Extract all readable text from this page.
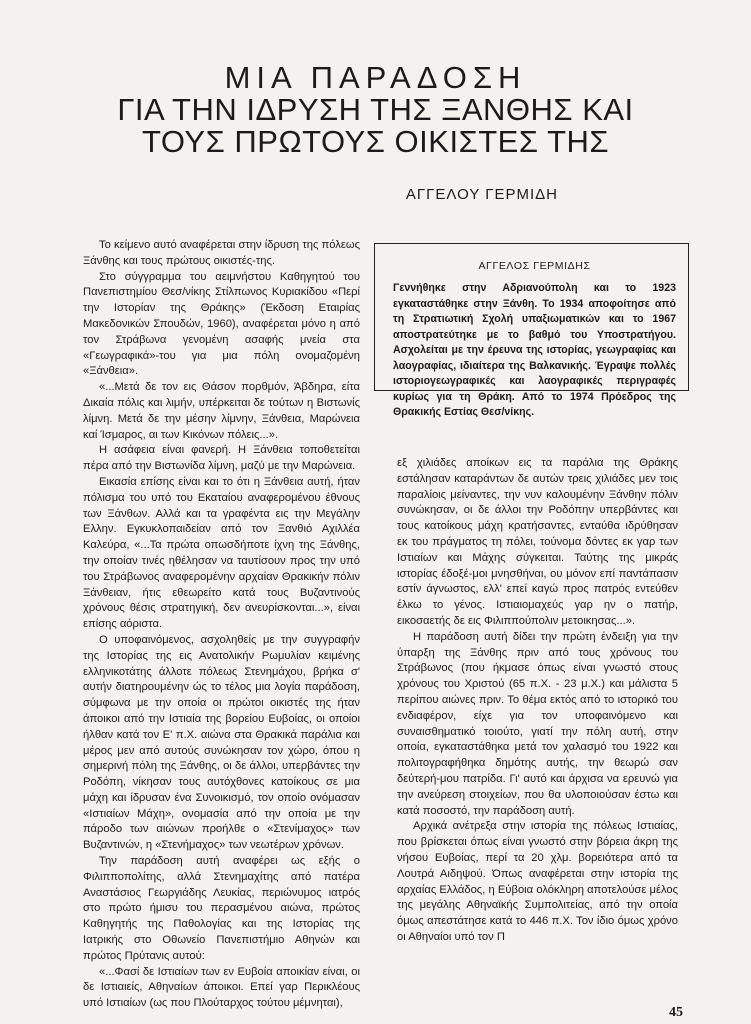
ΜΙΑ ΠΑΡΑΔΟΣΗ
ΓΙΑ ΤΗΝ ΙΔΡΥΣΗ ΤΗΣ ΞΑΝΘΗΣ ΚΑΙ
ΤΟΥΣ ΠΡΩΤΟΥΣ ΟΙΚΙΣΤΕΣ ΤΗΣ
ΑΓΓΕΛΟΥ ΓΕΡΜΙΔΗ

Το κείμενο αυτό αναφέρεται στην ίδρυση της πόλεως Ξάνθης και τους πρώτους οικιστές-της.

Στο σύγγραμμα του αειμνήστου Καθηγητού του Πανεπιστημίου Θεσ/νίκης Στίλπωνος Κυριακίδου «Περί την Ιστορίαν της Θράκης» (Έκδοση Εταιρίας Μακεδονικών Σπουδών, 1960), αναφέρεται μόνο η από τον Στράβωνα γενομένη ασαφής μνεία στα «Γεωγραφικά»-του για μια πόλη ονομαζομένη «Ξάνθεια».

«...Μετά δε τον εις Θάσον πορθμόν, Άβδηρα, είτα Δικαία πόλις και λιμήν, υπέρκειται δε τούτων η Βιστωνίς λίμνη. Μετά δε την μέσην λίμνην, Ξάνθεια, Μαρώνεια καί Ίσμαρος, αι των Κικόνων πόλεις...».

Η ασάφεια είναι φανερή. Η Ξάνθεια τοποθετείται πέρα από την Βιστωνίδα λίμνη, μαζύ με την Μαρώνεια.

Εικασία επίσης είναι και το ότι η Ξάνθεια αυτή, ήταν πόλισμα του υπό του Εκαταίου αναφερομένου έθνους των Ξάνθων. Αλλά και τα γραφέντα εις την Μεγάλην Ελλην. Εγκυκλοπαιδείαν από τον Ξανθιό Αχιλλέα Καλεύρα, «...Τα πρώτα οπωσδήποτε ίχνη της Ξάνθης, την οποίαν τινές ηθέλησαν να ταυτίσουν προς την υπό του Στράβωνος αναφερομένην αρχαίαν Θρακικήν πόλιν Ξάνθειαν, ήτις εθεωρείτο κατά τους Βυζαντινούς χρόνους θέσις στρατηγική, δεν ανευρίσκονται...», είναι επίσης αόριστα.

Ο υποφαινόμενος, ασχοληθείς με την συγγραφήν της Ιστορίας της εις Ανατολικήν Ρωμυλίαν κειμένης ελληνικοτάτης άλλοτε πόλεως Στενημάχου, βρήκα σ' αυτήν διατηρουμένην ώς το τέλος μια λογία παράδοση, σύμφωνα με την οποία οι πρώτοι οικιστές της ήταν άποικοι από την Ιστιαία της βορείου Ευβοίας, οι οποίοι ήλθαν κατά τον Ε' π.Χ. αιώνα στα Θρακικά παράλια και μέρος μεν από αυτούς συνώκησαν τον χώρο, όπου η σημερινή πόλη της Ξάνθης, οι δε άλλοι, υπερβάντες την Ροδόπη, νίκησαν τους αυτόχθονες κατοίκους σε μια μάχη και ίδρυσαν ένα Συνοικισμό, τον οποίο ονόμασαν «Ιστιαίων Μάχη», ονομασία από την οποία με την πάροδο των αιώνων προήλθε ο «Στενίμαχος» των Βυζαντινών, η «Στενήμαχος» των νεωτέρων χρόνων.

Την παράδοση αυτή αναφέρει ως εξής ο Φιλιπποπολίτης, αλλά Στενημαχίτης από πατέρα Αναστάσιος Γεωργιάδης Λευκίας, περιώνυμος ιατρός στο πρώτο ήμισυ του περασμένου αιώνα, πρώτος Καθηγητής της Παθολογίας και της Ιστορίας της Ιατρικής στο Οθωνείο Πανεπιστήμιο Αθηνών και πρώτος Πρύτανις αυτού:

«...Φασί δε Ιστιαίων των εν Ευβοία αποικίαν είναι, οι δε Ιστιαιείς, Αθηναίων άποικοι. Επεί γαρ Περικλέους υπό Ιστιαίων (ως που Πλούταρχος τούτου μέμνηται),

ΑΓΓΕΛΟΣ ΓΕΡΜΙΔΗΣ
Γεννήθηκε στην Αδριανούπολη και το 1923 εγκαταστάθηκε στην Ξάνθη. Το 1934 αποφοίτησε από τη Στρατιωτική Σχολή υπαξιωματικών και το 1967 αποστρατεύτηκε με το βαθμό του Υποστρατήγου. Ασχολείται με την έρευνα της ιστορίας, γεωγραφίας και λαογραφίας, ιδιαίτερα της Βαλκανικής. Έγραψε πολλές ιστοριογεωγραφικές και λαογραφικές περιγραφές κυρίως για τη Θράκη. Από το 1974 Πρόεδρος της Θρακικής Εστίας Θεσ/νίκης.

εξ χιλιάδες αποίκων εις τα παράλια της Θράκης εστάλησαν καταράντων δε αυτών τρεις χιλιάδες μεν τοις παραλίοις μείναντες, την νυν καλουμένην Ξάνθην πόλιν συνώκησαν, οι δε άλλοι την Ροδόπην υπερβάντες και τους κατοίκους μάχη κρατήσαντες, ενταύθα ιδρύθησαν εκ του πράγματος τη πόλει, τούνομα δόντες εκ γαρ των Ιστιαίων και Μάχης σύγκειται. Ταύτης της μικράς ιστορίας έδοξέ-μοι μνησθήναι, ου μόνον επί παντάπασιν εστίν άγνωστος, ελλ' επεί καγώ προς πατρός εντεύθεν έλκω το γένος. Ιστιαιομαχεύς γαρ ην ο πατήρ, εικοσαετής δε εις Φιλιππούπολιν μετοικησας...».

Η παράδοση αυτή δίδει την πρώτη ένδειξη για την ύπαρξη της Ξάνθης πριν από τους χρόνους του Στράβωνος (που ήκμασε όπως είναι γνωστό στους χρόνους του Χριστού (65 π.Χ. - 23 μ.Χ.) και μάλιστα 5 περίπου αιώνες πριν. Το θέμα εκτός από το ιστορικό του ενδιαφέρον, είχε για τον υποφαινόμενο και συναισθηματικό τοιούτο, γιατί την πόλη αυτή, στην οποία, εγκαταστάθηκα μετά τον χαλασμό του 1922 και πολιτογραφήθηκα δημότης αυτής, την θεωρώ σαν δεύτερή-μου πατρίδα. Γι' αυτό και άρχισα να ερευνώ για την ανεύρεση στοιχείων, που θα υλοποιούσαν έστω και κατά ποσοστό, την παράδοση αυτή.

Αρχικά ανέτρεξα στην ιστορία της πόλεως Ιστιαίας, που βρίσκεται όπως είναι γνωστό στην βόρεια άκρη της νήσου Ευβοίας, περί τα 20 χλμ. βορειότερα από τα Λουτρά Αιδηψού. Όπως αναφέρεται στην ιστορία της αρχαίας Ελλάδος, η Εύβοια ολόκληρη αποτελούσε μέλος της μεγάλης Αθηναϊκής Συμπολιτείας, από την οποία όμως απεστάτησε κατά το 446 π.Χ. Τον ίδιο όμως χρόνο οι Αθηναίοι υπό τον Π

45
